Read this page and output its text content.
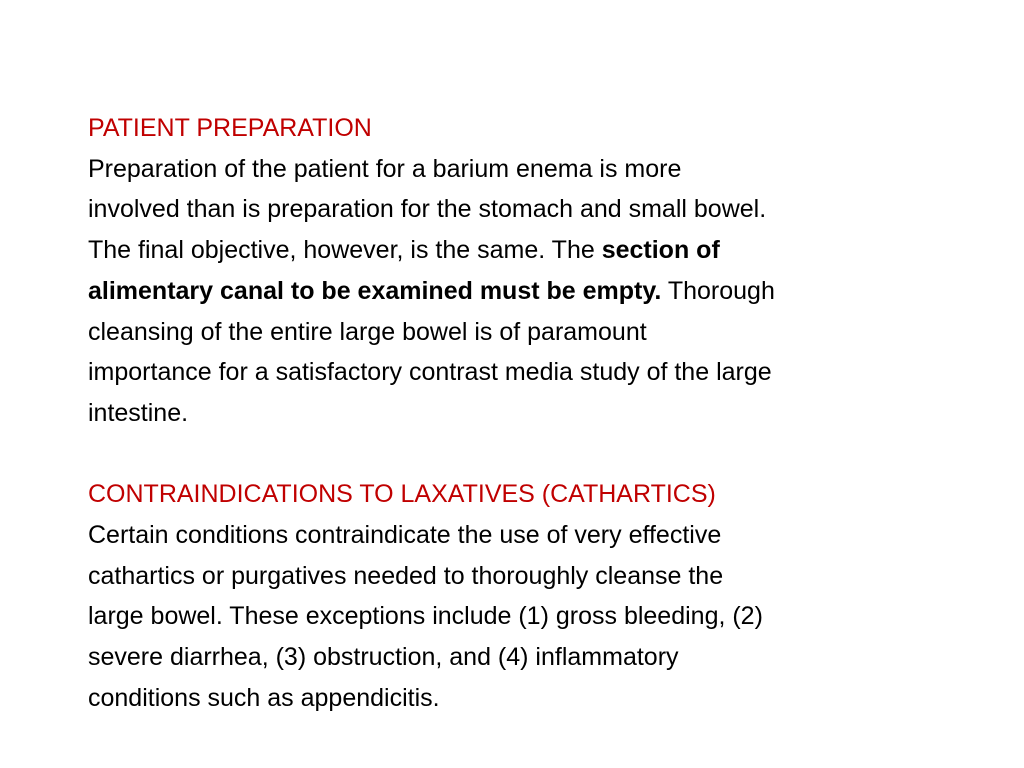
PATIENT PREPARATION
Preparation of the patient for a barium enema is more
involved than is preparation for the stomach and small bowel.
The final objective, however, is the same. The section of
alimentary canal to be examined must be empty. Thorough
cleansing of the entire large bowel is of paramount
importance for a satisfactory contrast media study of the large
intestine.
CONTRAINDICATIONS TO LAXATIVES (CATHARTICS)
Certain conditions contraindicate the use of very effective
cathartics or purgatives needed to thoroughly cleanse the
large bowel. These exceptions include (1) gross bleeding, (2)
severe diarrhea, (3) obstruction, and (4) inflammatory
conditions such as appendicitis.
